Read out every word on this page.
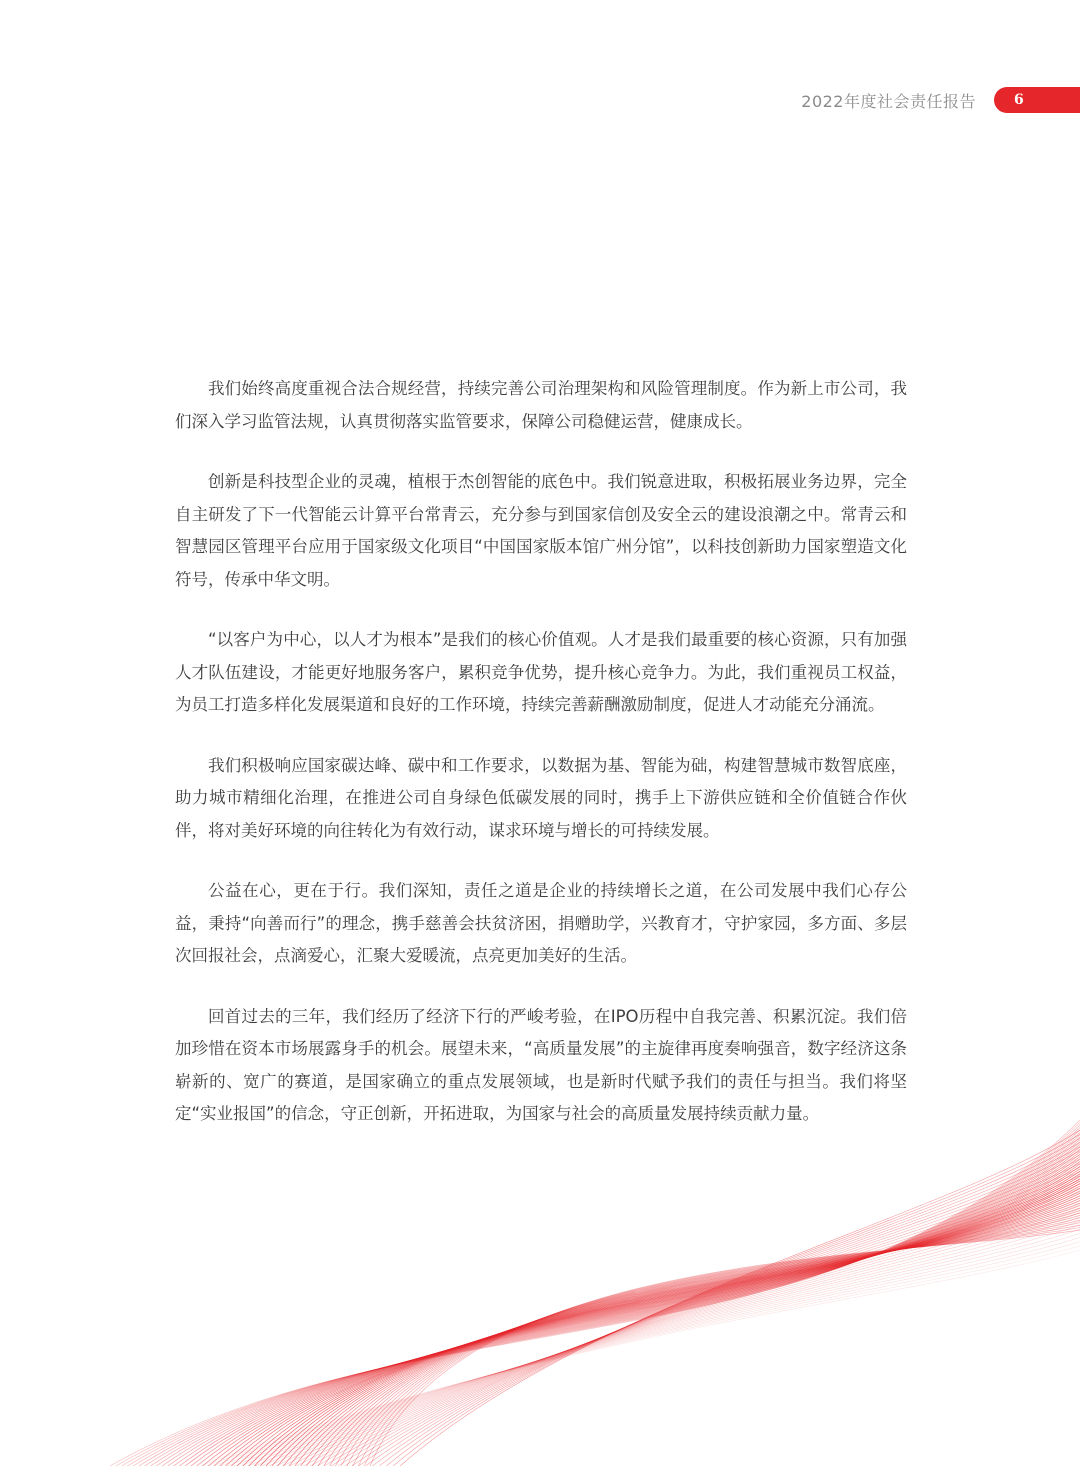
2022年度社会责任报告	6

我们始终高度重视合法合规经营，持续完善公司治理架构和风险管理制度。作为新上市公司，我们深入学习监管法规，认真贯彻落实监管要求，保障公司稳健运营，健康成长。

创新是科技型企业的灵魂，植根于杰创智能的底色中。我们锐意进取，积极拓展业务边界，完全自主研发了下一代智能云计算平台常青云，充分参与到国家信创及安全云的建设浪潮之中。常青云和智慧园区管理平台应用于国家级文化项目“中国国家版本馆广州分馆”，以科技创新助力国家塑造文化符号，传承中华文明。

“以客户为中心，以人才为根本”是我们的核心价值观。人才是我们最重要的核心资源，只有加强人才队伍建设，才能更好地服务客户，累积竞争优势，提升核心竞争力。为此，我们重视员工权益，为员工打造多样化发展渠道和良好的工作环境，持续完善薪酬激励制度，促进人才动能充分涌流。

我们积极响应国家碳达峰、碳中和工作要求，以数据为基、智能为础，构建智慧城市数智底座，助力城市精细化治理，在推进公司自身绿色低碳发展的同时，携手上下游供应链和全价值链合作伙伴，将对美好环境的向往转化为有效行动，谋求环境与增长的可持续发展。

公益在心，更在于行。我们深知，责任之道是企业的持续增长之道，在公司发展中我们心存公益，秉持“向善而行”的理念，携手慈善会扶贫济困，捐赠助学，兴教育才，守护家园，多方面、多层次回报社会，点滴爱心，汇聚大爱暖流，点亮更加美好的生活。

回首过去的三年，我们经历了经济下行的严峻考验，在IPO历程中自我完善、积累沉淀。我们倍加珍惜在资本市场展露身手的机会。展望未来，“高质量发展”的主旋律再度奏响强音，数字经济这条崭新的、宽广的赛道，是国家确立的重点发展领域，也是新时代赋予我们的责任与担当。我们将坚定“实业报国”的信念，守正创新，开拓进取，为国家与社会的高质量发展持续贡献力量。
